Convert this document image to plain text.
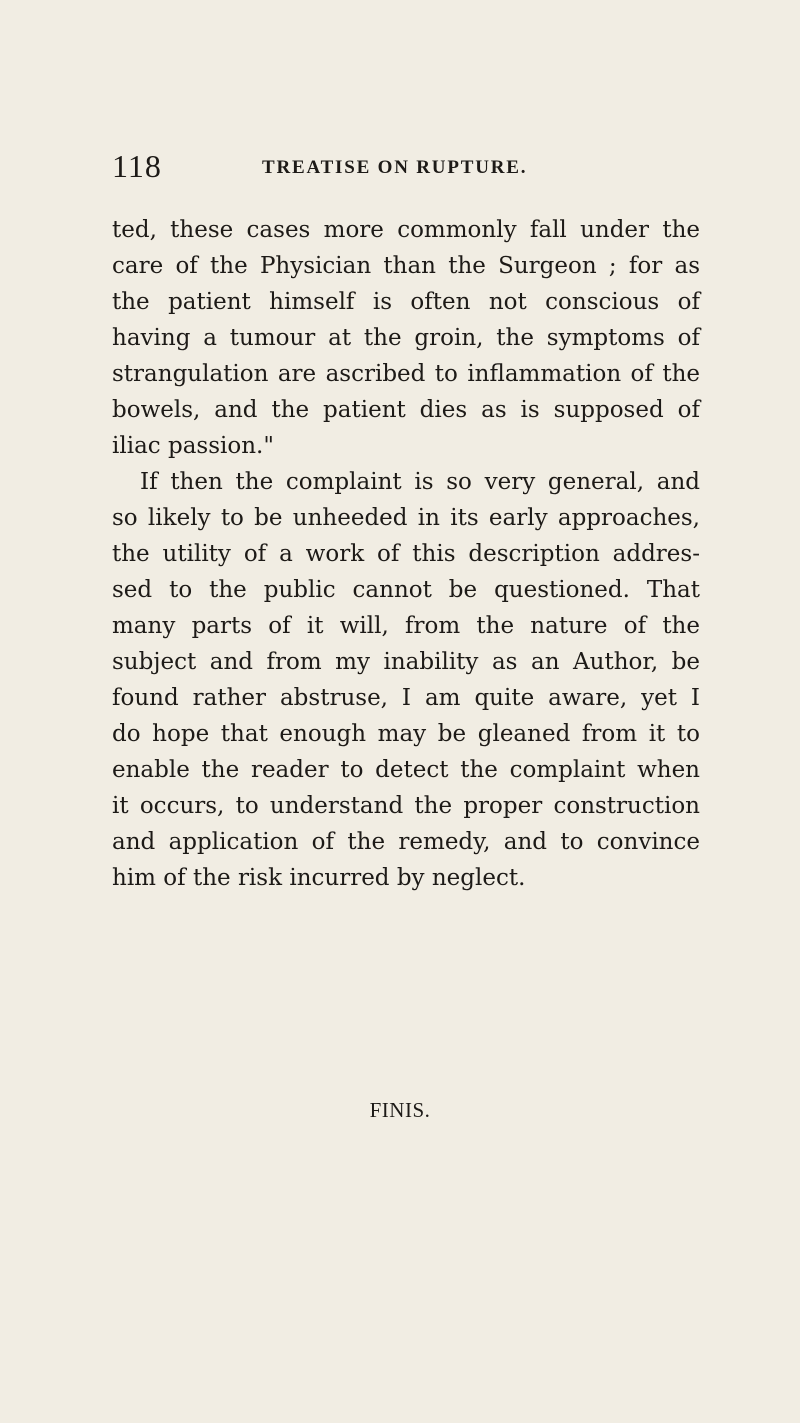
118	TREATISE ON RUPTURE.
ted, these cases more commonly fall under the
care of the Physician than the Surgeon ; for as
the patient himself is often not conscious of
having a tumour at the groin, the symptoms of
strangulation are ascribed to inflammation of the
bowels, and the patient dies as is supposed of
iliac passion."
If then the complaint is so very general, and
so likely to be unheeded in its early approaches,
the utility of a work of this description addres-
sed to the public cannot be questioned. That
many parts of it will, from the nature of the
subject and from my inability as an Author, be
found rather abstruse, I am quite aware, yet I
do hope that enough may be gleaned from it to
enable the reader to detect the complaint when
it occurs, to understand the proper construction
and application of the remedy, and to convince
him of the risk incurred by neglect.
FINIS.
